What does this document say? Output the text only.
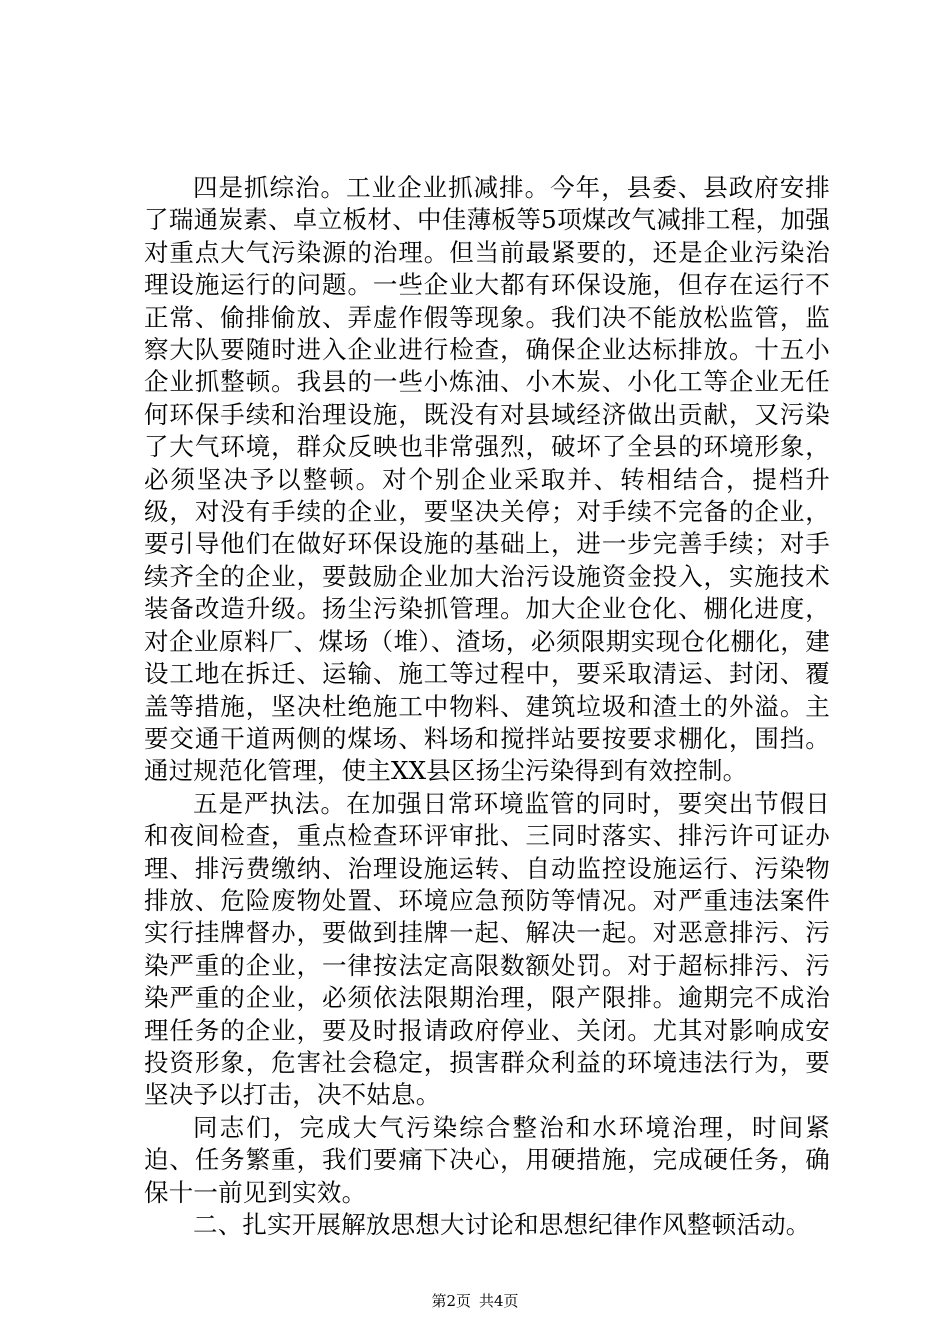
四是抓综治。工业企业抓减排。今年，县委、县政府安排了瑞通炭素、卓立板材、中佳薄板等5项煤改气减排工程，加强对重点大气污染源的治理。但当前最紧要的，还是企业污染治理设施运行的问题。一些企业大都有环保设施，但存在运行不正常、偷排偷放、弄虚作假等现象。我们决不能放松监管，监察大队要随时进入企业进行检查，确保企业达标排放。十五小企业抓整顿。我县的一些小炼油、小木炭、小化工等企业无任何环保手续和治理设施，既没有对县域经济做出贡献，又污染了大气环境，群众反映也非常强烈，破坏了全县的环境形象，必须坚决予以整顿。对个别企业采取并、转相结合，提档升级，对没有手续的企业，要坚决关停；对手续不完备的企业，要引导他们在做好环保设施的基础上，进一步完善手续；对手续齐全的企业，要鼓励企业加大治污设施资金投入，实施技术装备改造升级。扬尘污染抓管理。加大企业仓化、棚化进度，对企业原料厂、煤场（堆）、渣场，必须限期实现仓化棚化，建设工地在拆迁、运输、施工等过程中，要采取清运、封闭、覆盖等措施，坚决杜绝施工中物料、建筑垃圾和渣土的外溢。主要交通干道两侧的煤场、料场和搅拌站要按要求棚化，围挡。通过规范化管理，使主XX县区扬尘污染得到有效控制。

五是严执法。在加强日常环境监管的同时，要突出节假日和夜间检查，重点检查环评审批、三同时落实、排污许可证办理、排污费缴纳、治理设施运转、自动监控设施运行、污染物排放、危险废物处置、环境应急预防等情况。对严重违法案件实行挂牌督办，要做到挂牌一起、解决一起。对恶意排污、污染严重的企业，一律按法定高限数额处罚。对于超标排污、污染严重的企业，必须依法限期治理，限产限排。逾期完不成治理任务的企业，要及时报请政府停业、关闭。尤其对影响成安投资形象，危害社会稳定，损害群众利益的环境违法行为，要坚决予以打击，决不姑息。

同志们，完成大气污染综合整治和水环境治理，时间紧迫、任务繁重，我们要痛下决心，用硬措施，完成硬任务，确保十一前见到实效。

二、扎实开展解放思想大讨论和思想纪律作风整顿活动。

第2页 共4页
